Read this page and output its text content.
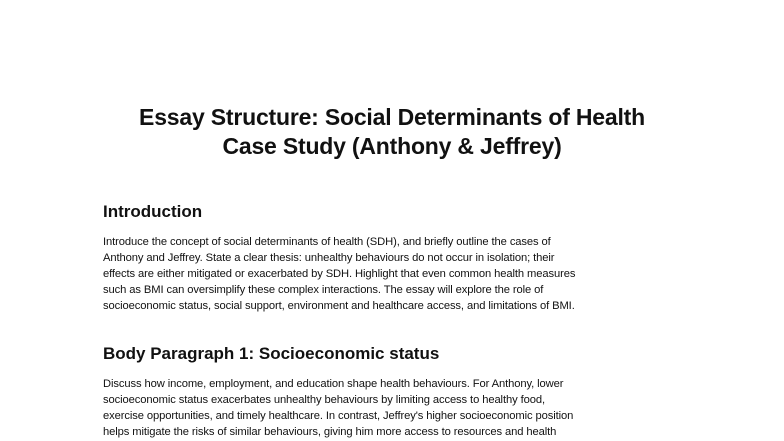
Essay Structure: Social Determinants of Health
Case Study (Anthony & Jeffrey)
Introduction

Introduce the concept of social determinants of health (SDH), and briefly outline the cases of
Anthony and Jeffrey. State a clear thesis: unhealthy behaviours do not occur in isolation; their
effects are either mitigated or exacerbated by SDH. Highlight that even common health measures
such as BMI can oversimplify these complex interactions. The essay will explore the role of
socioeconomic status, social support, environment and healthcare access, and limitations of BMI.

Body Paragraph 1: Socioeconomic status

Discuss how income, employment, and education shape health behaviours. For Anthony, lower
socioeconomic status exacerbates unhealthy behaviours by limiting access to healthy food,
exercise opportunities, and timely healthcare. In contrast, Jeffrey's higher socioeconomic position
helps mitigate the risks of similar behaviours, giving him more access to resources and health
